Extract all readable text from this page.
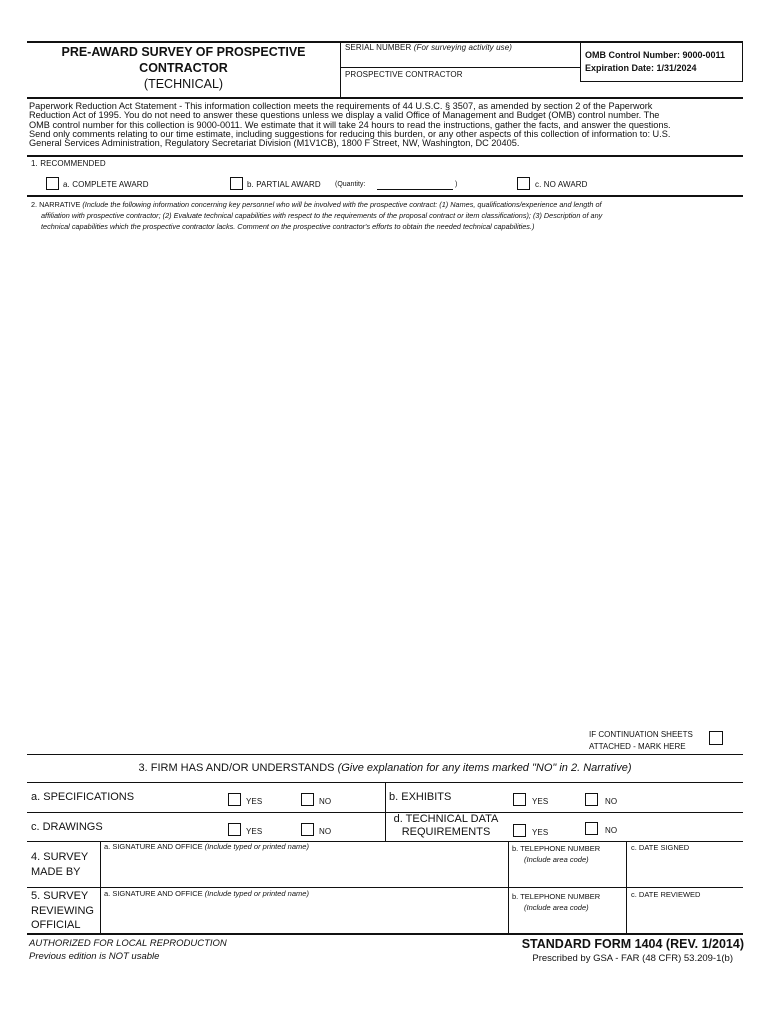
PRE-AWARD SURVEY OF PROSPECTIVE
CONTRACTOR
(TECHNICAL)
SERIAL NUMBER (For surveying activity use)
PROSPECTIVE CONTRACTOR
OMB Control Number: 9000-0011
Expiration Date: 1/31/2024
Paperwork Reduction Act Statement - This information collection meets the requirements of 44 U.S.C. § 3507, as amended by section 2 of the Paperwork
Reduction Act of 1995. You do not need to answer these questions unless we display a valid Office of Management and Budget (OMB) control number. The
OMB control number for this collection is 9000-0011. We estimate that it will take 24 hours to read the instructions, gather the facts, and answer the questions.
Send only comments relating to our time estimate, including suggestions for reducing this burden, or any other aspects of this collection of information to: U.S.
General Services Administration, Regulatory Secretariat Division (M1V1CB), 1800 F Street, NW, Washington, DC 20405.
1. RECOMMENDED
a. COMPLETE AWARD	b. PARTIAL AWARD (Quantity:	)	c. NO AWARD
2. NARRATIVE (Include the following information concerning key personnel who will be involved with the prospective contract: (1) Names, qualifications/experience and length of
affiliation with prospective contractor; (2) Evaluate technical capabilities with respect to the requirements of the proposal contract or item classifications); (3) Description of any
technical capabilities which the prospective contractor lacks. Comment on the prospective contractor's efforts to obtain the needed technical capabilities.)
IF CONTINUATION SHEETS
ATTACHED - MARK HERE
3. FIRM HAS AND/OR UNDERSTANDS (Give explanation for any items marked "NO" in 2. Narrative)
a. SPECIFICATIONS	YES	NO	b. EXHIBITS	YES	NO
c. DRAWINGS	YES	NO
d. TECHNICAL DATA
REQUIREMENTS	YES	NO
4. SURVEY
MADE BY
a. SIGNATURE AND OFFICE (Include typed or printed name)	b. TELEPHONE NUMBER
(Include area code)
c. DATE SIGNED
5. SURVEY
REVIEWING
OFFICIAL
a. SIGNATURE AND OFFICE (Include typed or printed name)	b. TELEPHONE NUMBER
(Include area code)
c. DATE REVIEWED
AUTHORIZED FOR LOCAL REPRODUCTION
Previous edition is NOT usable
STANDARD FORM 1404 (REV. 1/2014)
Prescribed by GSA - FAR (48 CFR) 53.209-1(b)
